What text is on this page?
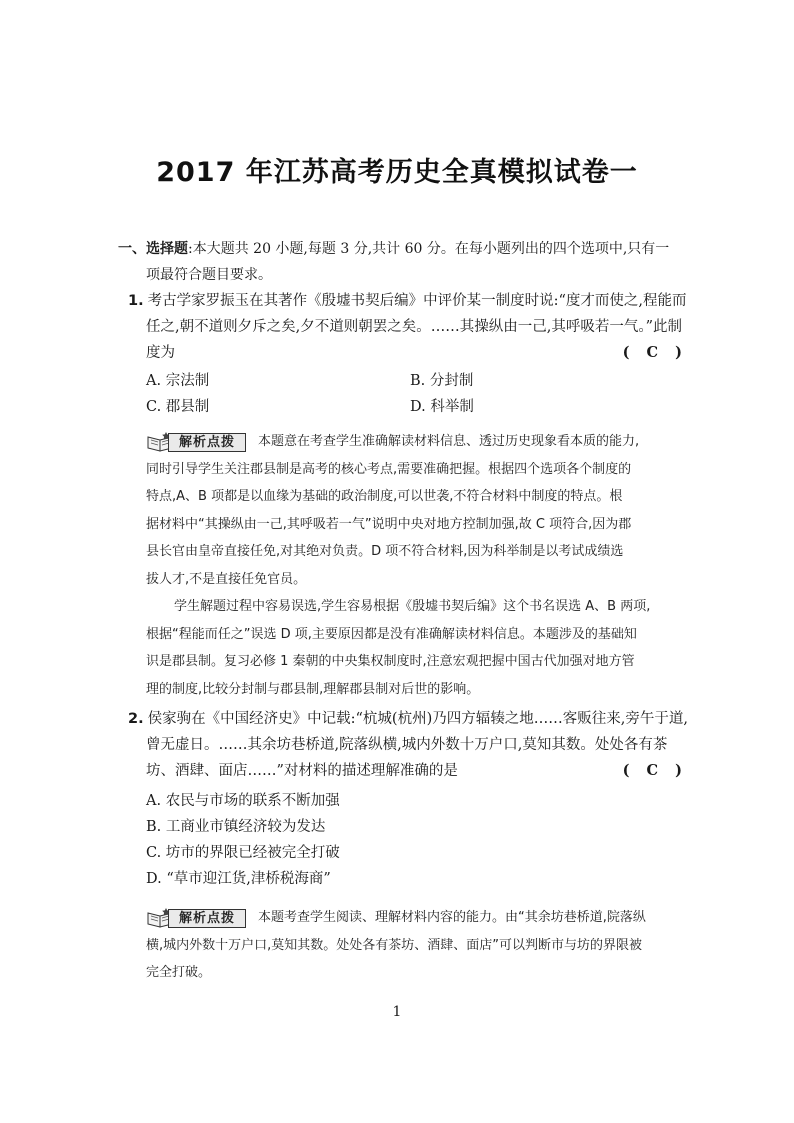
2017 年江苏高考历史全真模拟试卷一
一、选择题:本大题共 20 小题,每题 3 分,共计 60 分。在每小题列出的四个选项中,只有一
项最符合题目要求。
1. 考古学家罗振玉在其著作《殷墟书契后编》中评价某一制度时说:“度才而使之,程能而
任之,朝不道则夕斥之矣,夕不道则朝罢之矣。……其操纵由一己,其呼吸若一气。”此制
度为	( C )
A. 宗法制	B. 分封制
C. 郡县制	D. 科举制
解析点拨	本题意在考查学生准确解读材料信息、透过历史现象看本质的能力,
同时引导学生关注郡县制是高考的核心考点,需要准确把握。根据四个选项各个制度的
特点,A、B 项都是以血缘为基础的政治制度,可以世袭,不符合材料中制度的特点。根
据材料中“其操纵由一己,其呼吸若一气”说明中央对地方控制加强,故 C 项符合,因为郡
县长官由皇帝直接任免,对其绝对负责。D 项不符合材料,因为科举制是以考试成绩选
拔人才,不是直接任免官员。
学生解题过程中容易误选,学生容易根据《殷墟书契后编》这个书名误选 A、B 两项,
根据“程能而任之”误选 D 项,主要原因都是没有准确解读材料信息。本题涉及的基础知
识是郡县制。复习必修 1 秦朝的中央集权制度时,注意宏观把握中国古代加强对地方管
理的制度,比较分封制与郡县制,理解郡县制对后世的影响。
2. 侯家驹在《中国经济史》中记载:“杭城(杭州)乃四方辐辏之地……客贩往来,旁午于道,
曾无虚日。……其余坊巷桥道,院落纵横,城内外数十万户口,莫知其数。处处各有茶
坊、酒肆、面店……”对材料的描述理解准确的是	( C )
A. 农民与市场的联系不断加强
B. 工商业市镇经济较为发达
C. 坊市的界限已经被完全打破
D. “草市迎江货,津桥税海商”
解析点拨	本题考查学生阅读、理解材料内容的能力。由“其余坊巷桥道,院落纵
横,城内外数十万户口,莫知其数。处处各有茶坊、酒肆、面店”可以判断市与坊的界限被
完全打破。
1
